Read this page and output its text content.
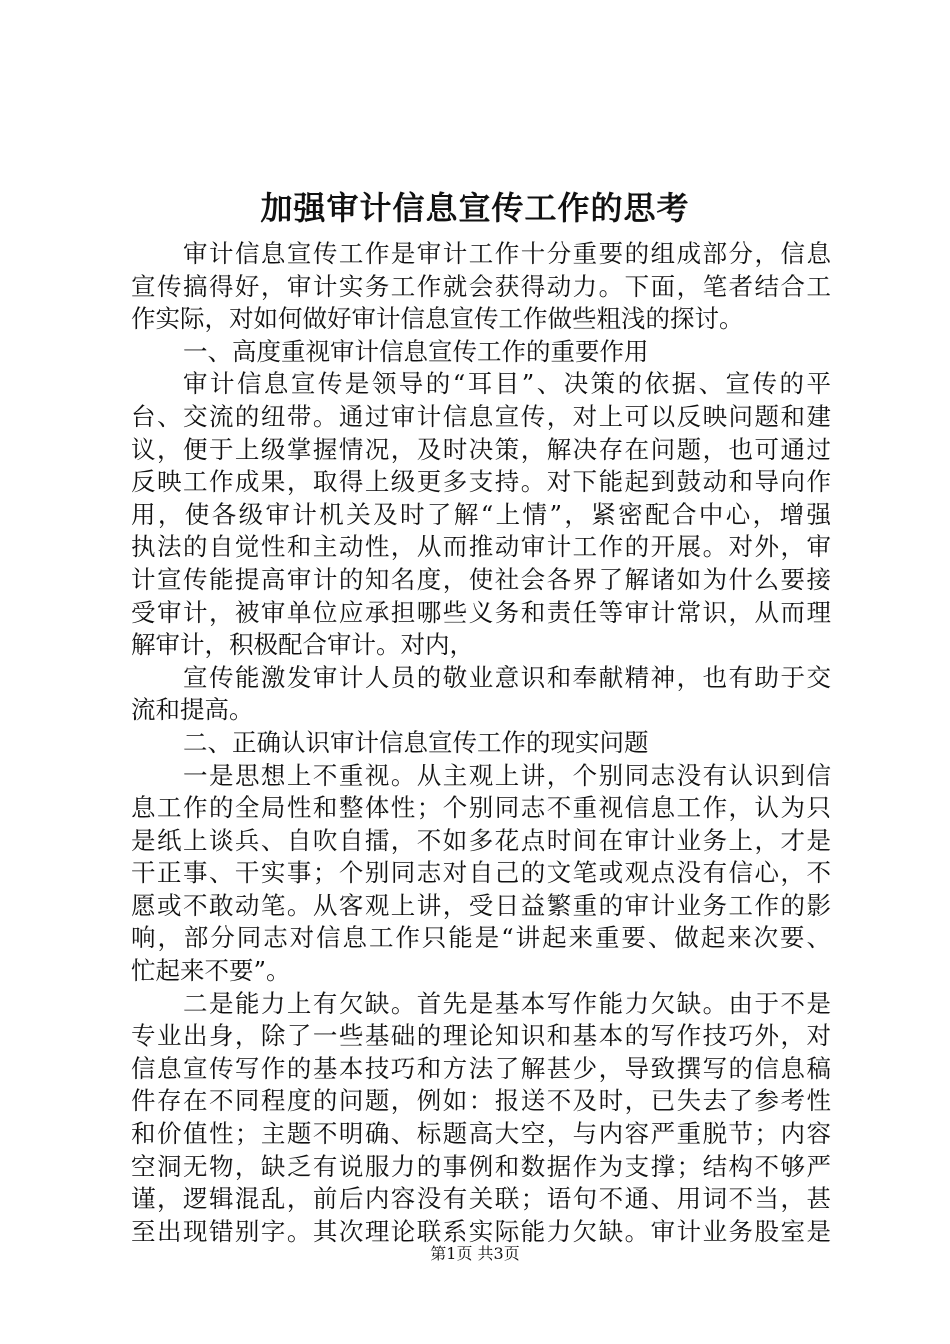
加强审计信息宣传工作的思考
审计信息宣传工作是审计工作十分重要的组成部分，信息
宣传搞得好，审计实务工作就会获得动力。下面，笔者结合工
作实际，对如何做好审计信息宣传工作做些粗浅的探讨。
一、高度重视审计信息宣传工作的重要作用
审计信息宣传是领导的“耳目”、决策的依据、宣传的平
台、交流的纽带。通过审计信息宣传，对上可以反映问题和建
议，便于上级掌握情况，及时决策，解决存在问题，也可通过
反映工作成果，取得上级更多支持。对下能起到鼓动和导向作
用，使各级审计机关及时了解“上情”，紧密配合中心，增强
执法的自觉性和主动性，从而推动审计工作的开展。对外，审
计宣传能提高审计的知名度，使社会各界了解诸如为什么要接
受审计，被审单位应承担哪些义务和责任等审计常识，从而理
解审计，积极配合审计。对内，
宣传能激发审计人员的敬业意识和奉献精神，也有助于交
流和提高。
二、正确认识审计信息宣传工作的现实问题
一是思想上不重视。从主观上讲，个别同志没有认识到信
息工作的全局性和整体性；个别同志不重视信息工作，认为只
是纸上谈兵、自吹自擂，不如多花点时间在审计业务上，才是
干正事、干实事；个别同志对自己的文笔或观点没有信心，不
愿或不敢动笔。从客观上讲，受日益繁重的审计业务工作的影
响，部分同志对信息工作只能是“讲起来重要、做起来次要、
忙起来不要”。
二是能力上有欠缺。首先是基本写作能力欠缺。由于不是
专业出身，除了一些基础的理论知识和基本的写作技巧外，对
信息宣传写作的基本技巧和方法了解甚少，导致撰写的信息稿
件存在不同程度的问题，例如：报送不及时，已失去了参考性
和价值性；主题不明确、标题高大空，与内容严重脱节；内容
空洞无物，缺乏有说服力的事例和数据作为支撑；结构不够严
谨，逻辑混乱，前后内容没有关联；语句不通、用词不当，甚
至出现错别字。其次理论联系实际能力欠缺。审计业务股室是
第1页 共3页
